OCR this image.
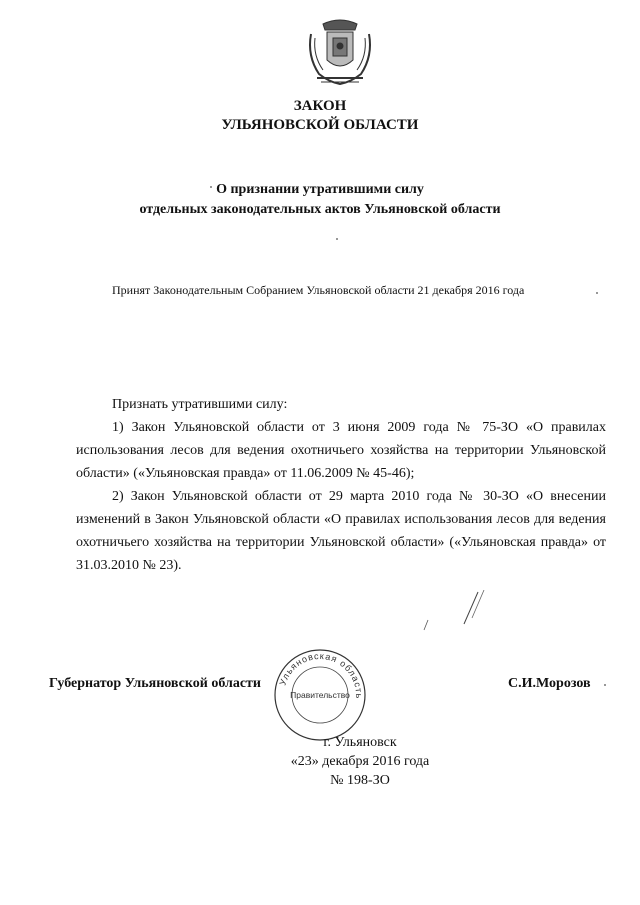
ЗАКОН
УЛЬЯНОВСКОЙ ОБЛАСТИ
О признании утратившими силу
отдельных законодательных актов Ульяновской области
Принят Законодательным Собранием Ульяновской области 21 декабря 2016 года

Признать утратившими силу:

1) Закон Ульяновской области от 3 июня 2009 года № 75-ЗО «О правилах использования лесов для ведения охотничьего хозяйства на территории Ульяновской области» («Ульяновская правда» от 11.06.2009 № 45-46);

2) Закон Ульяновской области от 29 марта 2010 года № 30-ЗО «О внесении изменений в Закон Ульяновской области «О правилах использования лесов для ведения охотничьего хозяйства на территории Ульяновской области» («Ульяновская правда» от 31.03.2010 № 23).

Губернатор Ульяновской области	С.И.Морозов
Ульяновская область
Правительство
г. Ульяновск
«23» декабря 2016 года
№ 198-ЗО
